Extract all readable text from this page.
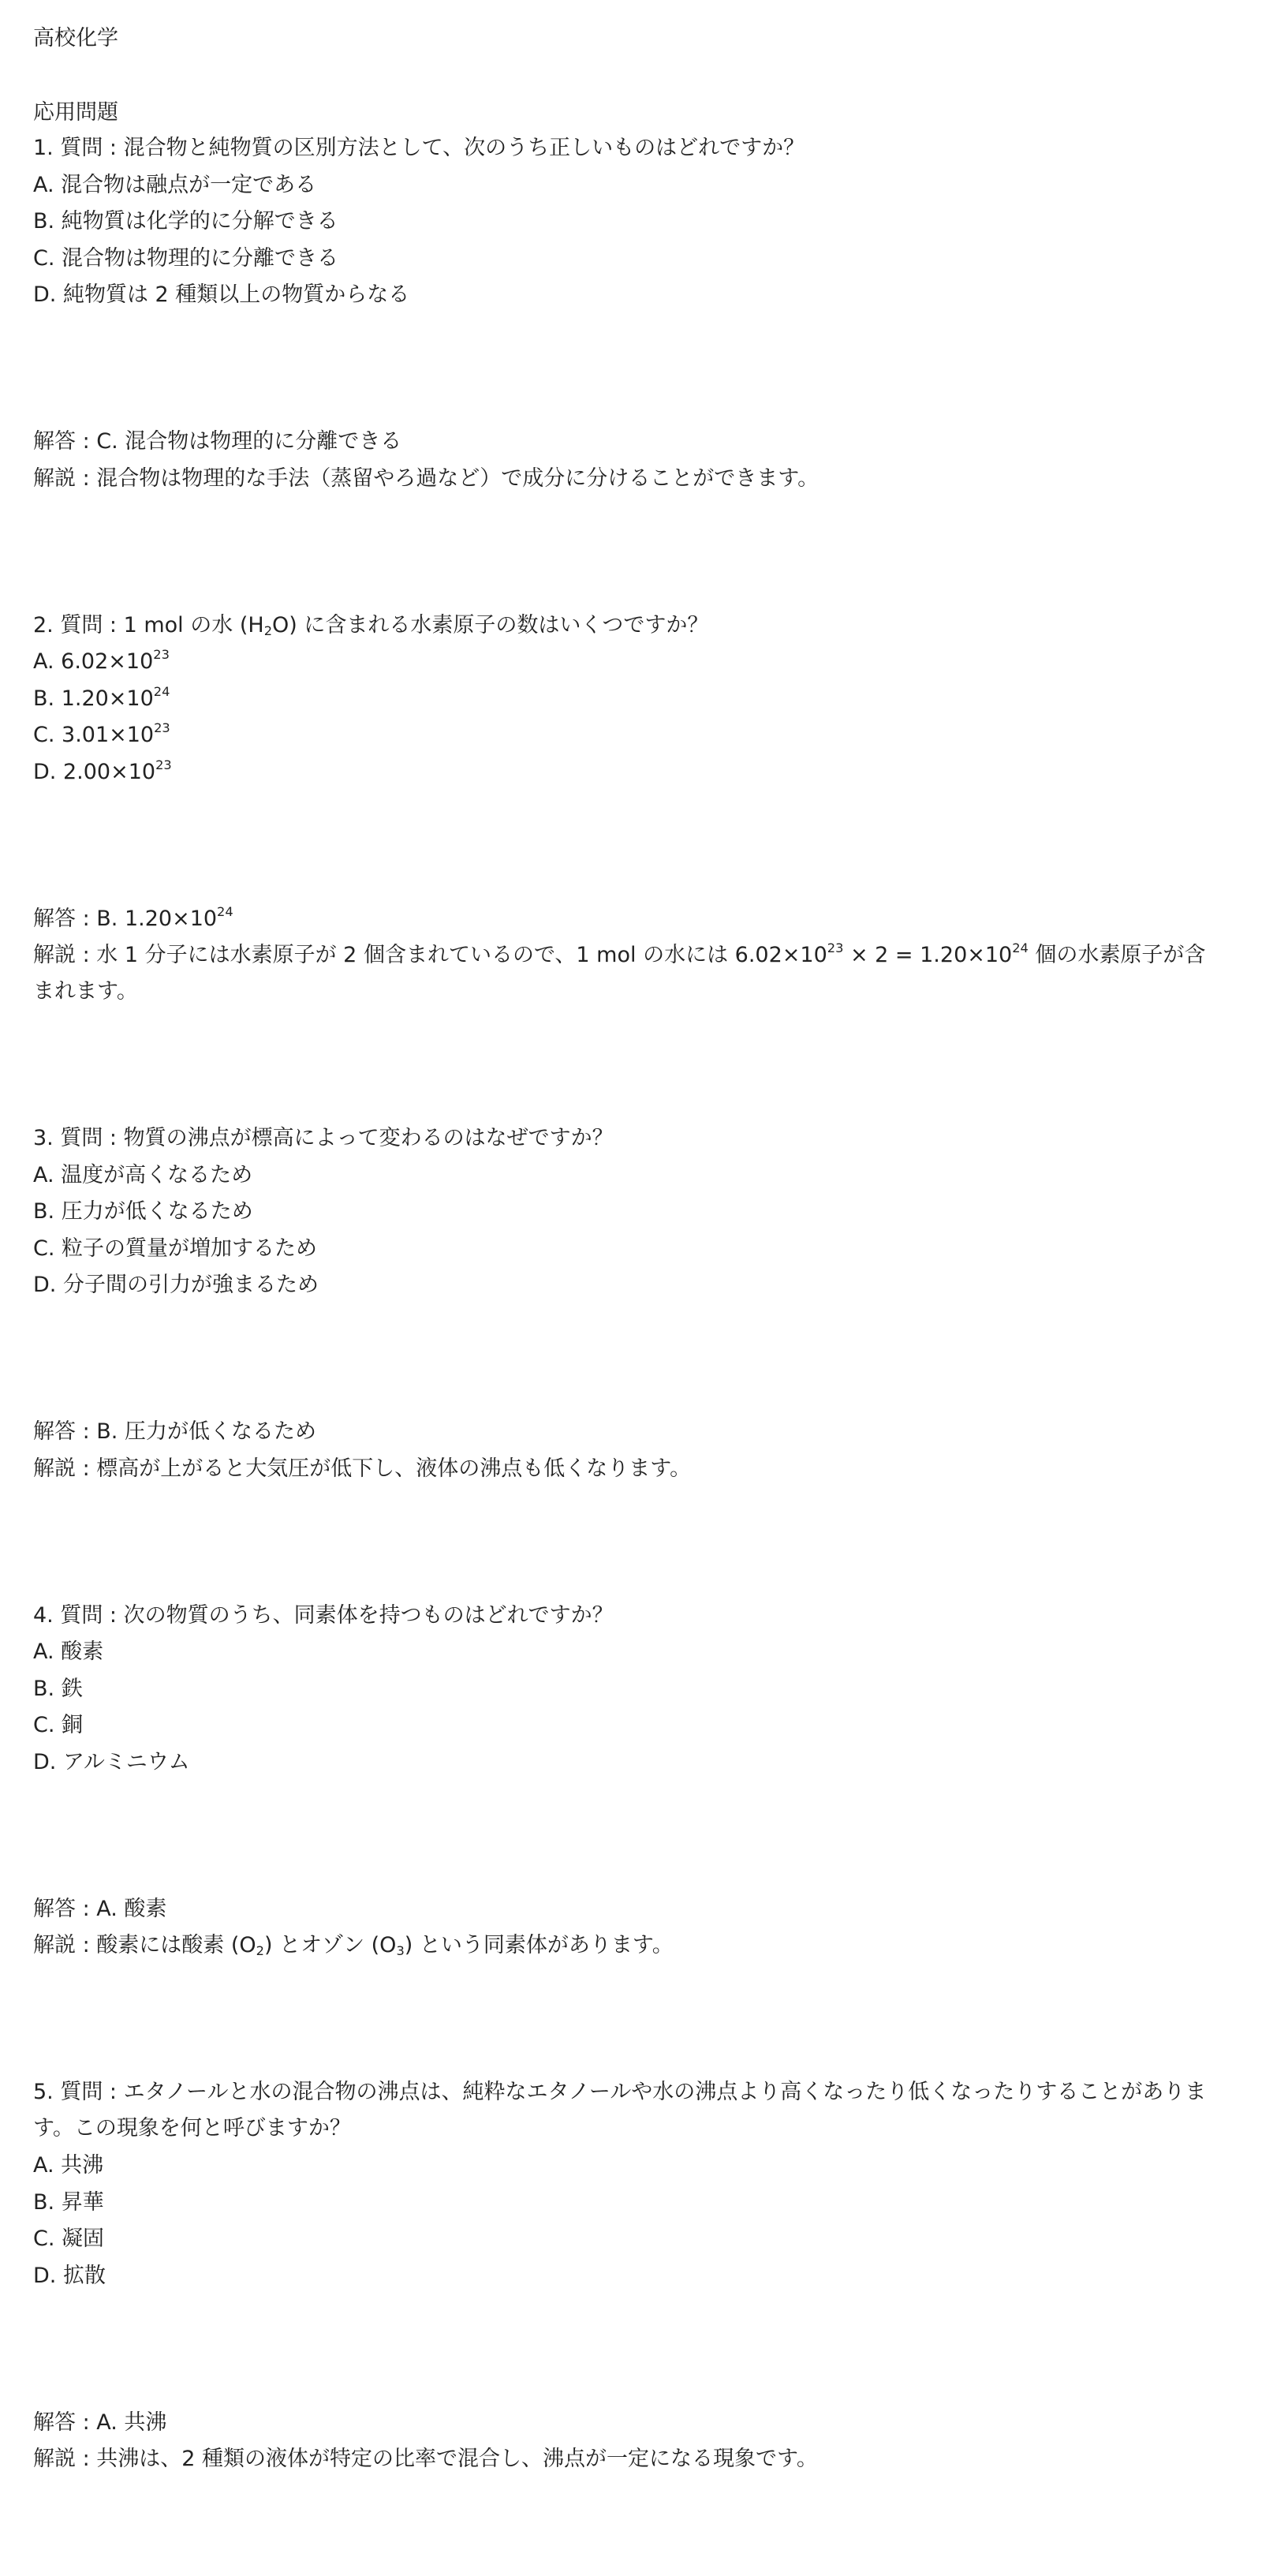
高校化学
応用問題
1. 質問 : 混合物と純物質の区別方法として、次のうち正しいものはどれですか？
A. 混合物は融点が一定である
B. 純物質は化学的に分解できる
C. 混合物は物理的に分離できる
D. 純物質は 2 種類以上の物質からなる
解答 : C. 混合物は物理的に分離できる
解説 : 混合物は物理的な手法（蒸留やろ過など）で成分に分けることができます。
2. 質問 : 1 mol の水 $(H_2O)$ に含まれる水素原子の数はいくつですか？
A. $6.02\times 10^{23}$
B. $1.20\times 10^{24}$
C. $3.01\times 10^{23}$
D. $2.00\times 10^{23}$
解答 : B. $1.20\times 10^{24}$
解説 : 水 1 分子には水素原子が 2 個含まれているので、1 mol の水には $6.02\times 10^{23} \times 2 = 1.20\times 10^{24}$ 個の水素原子が含まれます。
3. 質問 : 物質の沸点が標高によって変わるのはなぜですか？
A. 温度が高くなるため
B. 圧力が低くなるため
C. 粒子の質量が増加するため
D. 分子間の引力が強まるため
解答 : B. 圧力が低くなるため
解説 : 標高が上がると大気圧が低下し、液体の沸点も低くなります。
4. 質問 : 次の物質のうち、同素体を持つものはどれですか？
A. 酸素
B. 鉄
C. 銅
D. アルミニウム
解答 : A. 酸素
解説 : 酸素には酸素 $(O_2)$ とオゾン $(O_3)$ という同素体があります。
5. 質問 : エタノールと水の混合物の沸点は、純粋なエタノールや水の沸点より高くなったり低くなったりすることがあります。この現象を何と呼びますか？
A. 共沸
B. 昇華
C. 凝固
D. 拡散
解答 : A. 共沸
解説 : 共沸は、2 種類の液体が特定の比率で混合し、沸点が一定になる現象です。
